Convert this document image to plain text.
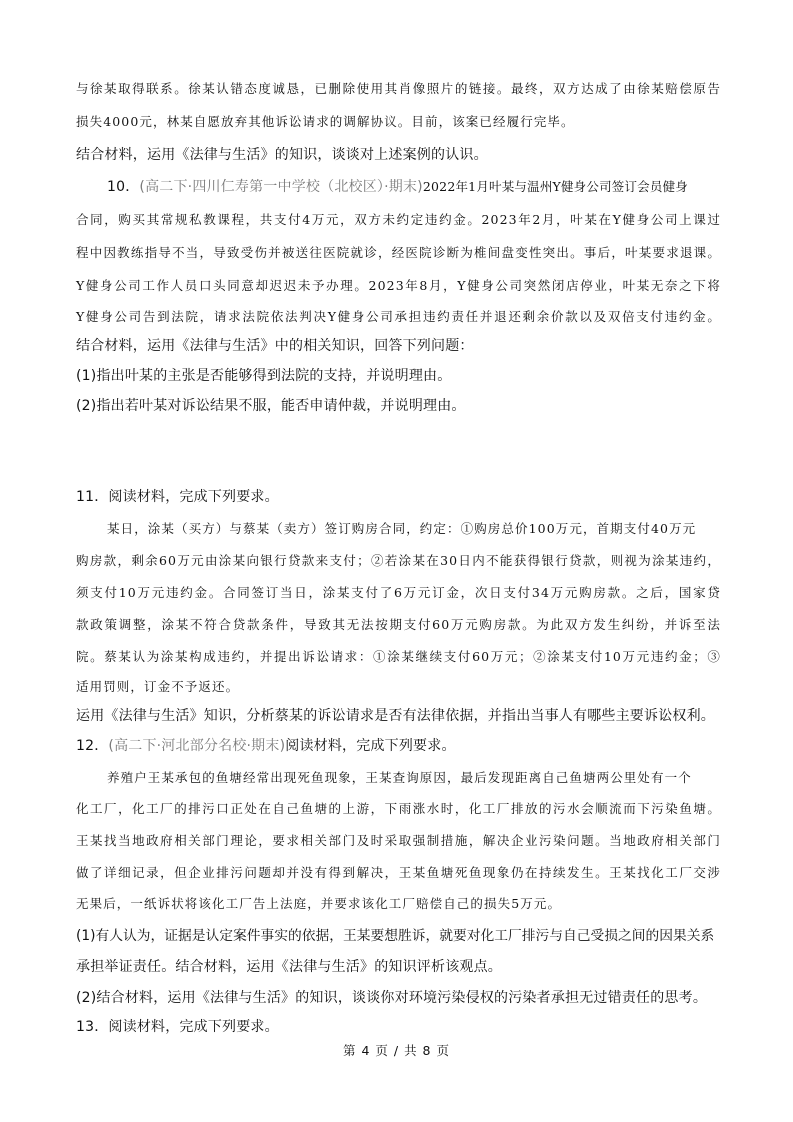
与徐某取得联系。徐某认错态度诚恳，已删除使用其肖像照片的链接。最终，双方达成了由徐某赔偿原告
损失4000元，林某自愿放弃其他诉讼请求的调解协议。目前，该案已经履行完毕。
结合材料，运用《法律与生活》的知识，谈谈对上述案例的认识。
10．(高二下·四川仁寿第一中学校（北校区）·期末)2022年1月叶某与温州Y健身公司签订会员健身
合同，购买其常规私教课程，共支付4万元，双方未约定违约金。2023年2月，叶某在Y健身公司上课过
程中因教练指导不当，导致受伤并被送往医院就诊，经医院诊断为椎间盘变性突出。事后，叶某要求退课。
Y健身公司工作人员口头同意却迟迟未予办理。2023年8月，Y健身公司突然闭店停业，叶某无奈之下将
Y健身公司告到法院，请求法院依法判决Y健身公司承担违约责任并退还剩余价款以及双倍支付违约金。
结合材料，运用《法律与生活》中的相关知识，回答下列问题：
(1)指出叶某的主张是否能够得到法院的支持，并说明理由。
(2)指出若叶某对诉讼结果不服，能否申请仲裁，并说明理由。
11．阅读材料，完成下列要求。
某日，涂某（买方）与蔡某（卖方）签订购房合同，约定：①购房总价100万元，首期支付40万元
购房款，剩余60万元由涂某向银行贷款来支付；②若涂某在30日内不能获得银行贷款，则视为涂某违约，
须支付10万元违约金。合同签订当日，涂某支付了6万元订金，次日支付34万元购房款。之后，国家贷
款政策调整，涂某不符合贷款条件，导致其无法按期支付60万元购房款。为此双方发生纠纷，并诉至法
院。蔡某认为涂某构成违约，并提出诉讼请求：①涂某继续支付60万元；②涂某支付10万元违约金；③
适用罚则，订金不予返还。
运用《法律与生活》知识，分析蔡某的诉讼请求是否有法律依据，并指出当事人有哪些主要诉讼权利。
12．(高二下·河北部分名校·期末)阅读材料，完成下列要求。
养殖户王某承包的鱼塘经常出现死鱼现象，王某查询原因，最后发现距离自己鱼塘两公里处有一个
化工厂，化工厂的排污口正处在自己鱼塘的上游，下雨涨水时，化工厂排放的污水会顺流而下污染鱼塘。
王某找当地政府相关部门理论，要求相关部门及时采取强制措施，解决企业污染问题。当地政府相关部门
做了详细记录，但企业排污问题却并没有得到解决，王某鱼塘死鱼现象仍在持续发生。王某找化工厂交涉
无果后，一纸诉状将该化工厂告上法庭，并要求该化工厂赔偿自己的损失5万元。
(1)有人认为，证据是认定案件事实的依据，王某要想胜诉，就要对化工厂排污与自己受损之间的因果关系
承担举证责任。结合材料，运用《法律与生活》的知识评析该观点。
(2)结合材料，运用《法律与生活》的知识，谈谈你对环境污染侵权的污染者承担无过错责任的思考。
13．阅读材料，完成下列要求。
第 4 页 / 共 8 页
